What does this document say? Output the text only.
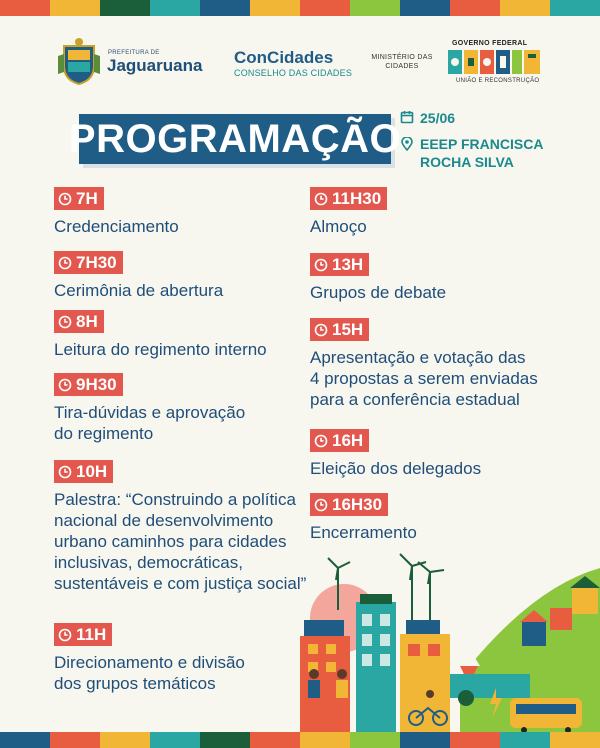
PREFEITURA DE
Jaguaruana ConCidades
CONSELHO DAS CIDADES
MINISTÉRIO DAS
CIDADES
GOVERNO FEDERAL
UNIÃO E RECONSTRUÇÃO
PROGRAMAÇÃO 25/06
EEEP FRANCISCA
ROCHA SILVA
7H
Credenciamento
7H30
Cerimônia de abertura
8H
Leitura do regimento interno
9H30
Tira-dúvidas e aprovação
do regimento
10H
Palestra: “Construindo a política
nacional de desenvolvimento
urbano caminhos para cidades
inclusivas, democráticas,
sustentáveis e com justiça social”
11H
Direcionamento e divisão
dos grupos temáticos
11H30
Almoço
13H
Grupos de debate
15H
Apresentação e votação das
4 propostas a serem enviadas
para a conferência estadual
16H
Eleição dos delegados
16H30
Encerramento
